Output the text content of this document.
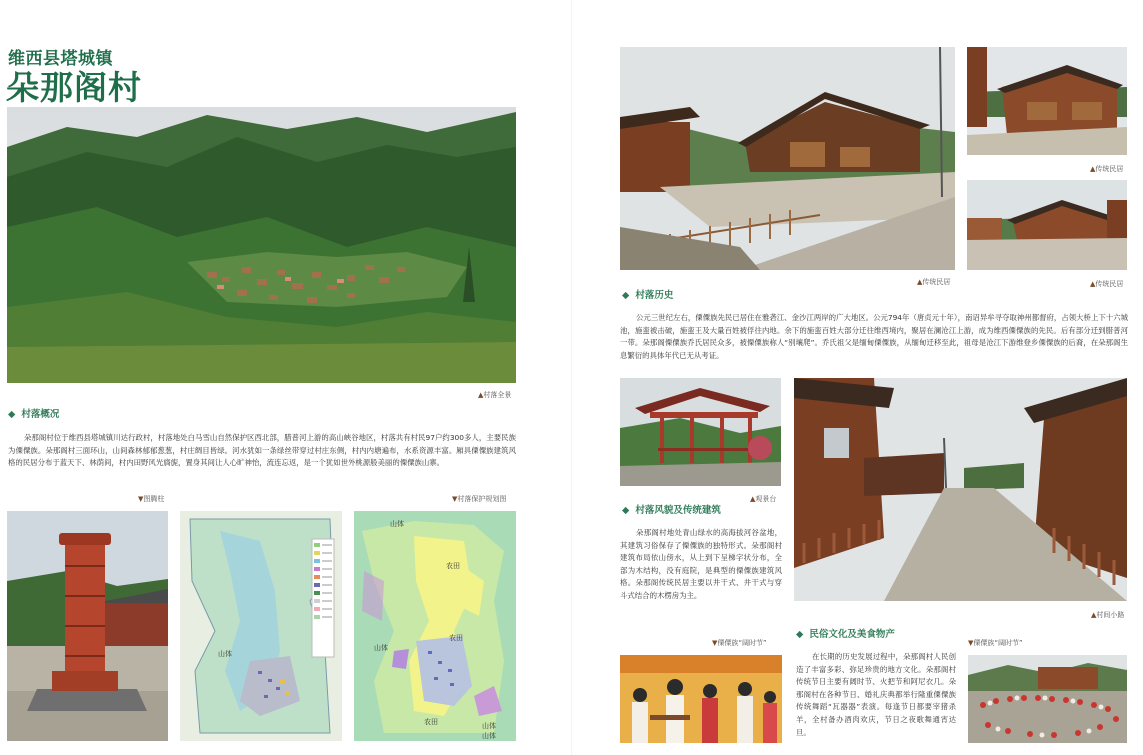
维西县塔城镇
朵那阁村
▲村落全景
◆ 村落概况
朵那阁村位于维西县塔城镇川达行政村，村落地处白马雪山自然保护区西北部，腊普河上游的高山峡谷地区，村落共有村民97户约300多人，主要民族为傈僳族。朵那阁村三面环山，山间森林郁郁葱葱，村庄绸目皆绿。河水犹如一条绿丝带穿过村庄东侧，村内内塘遍布，水系资源丰富。厢具傈僳族建筑风格的民居分布于蓝天下、林荫间，村内田野风光旖旎，置身其间让人心旷神怡，流连忘返，是一个犹如世外桃源般美丽的傈僳族山寨。
▼图腾柱	▼村落保护规划图
山体
山体
农田
农田
山体
农田	山体
山体
▲传统民居
▲传统民居
▲传统民居
◆ 村落历史
公元三世纪左右，傈僳族先民已居住在雅砻江、金沙江两岸的广大地区。公元794年（唐贞元十年），南诏异牟寻夺取神州都督府，占领大桥上下十六城池，施蛮被击破，施蛮王及大量百姓被俘往内地。余下的施蛮百姓大部分迁往维西境内，聚居在澜沧江上游，成为维西傈僳族的先民。后有部分迁到腊普河一带。朵那阁傈僳族乔氏居民众多，被傈僳族称人“别壤爬”。乔氏祖父是缅甸傈僳族，从缅甸迁移至此，祖母是沧江下游维登乡傈僳族的后裔，在朵那阁生息繁衍的具体年代已无从考证。
▲观景台
▲村间小路
◆ 村落风貌及传统建筑
朵那阁村地处青山绿水的高海拔河谷盆地，其建筑习俗保存了傈僳族的独特形式。朵那阁村建筑布局依山傍水，从上到下呈梯字状分布，全部为木结构，没有庭院，是典型的傈僳族建筑风格。朵那阁传统民居主要以井干式、井干式与穿斗式结合的木楞房为主。
◆ 民俗文化及美食物产
在长期的历史发展过程中，朵那阁村人民创造了丰富多彩、弥足珍贵的地方文化。朵那阁村传统节日主要有阔时节、火把节和阿尼衣几。朵那阁村在各种节日、婚礼庆典都举行隆重傈僳族传统舞蹈“瓦器器”表演。每逢节日都要宰猪杀羊，全村备办酒肉欢庆，节日之夜歌舞通宵达旦。
▼傈僳族“阔时节”	▼傈僳族“阔时节”
